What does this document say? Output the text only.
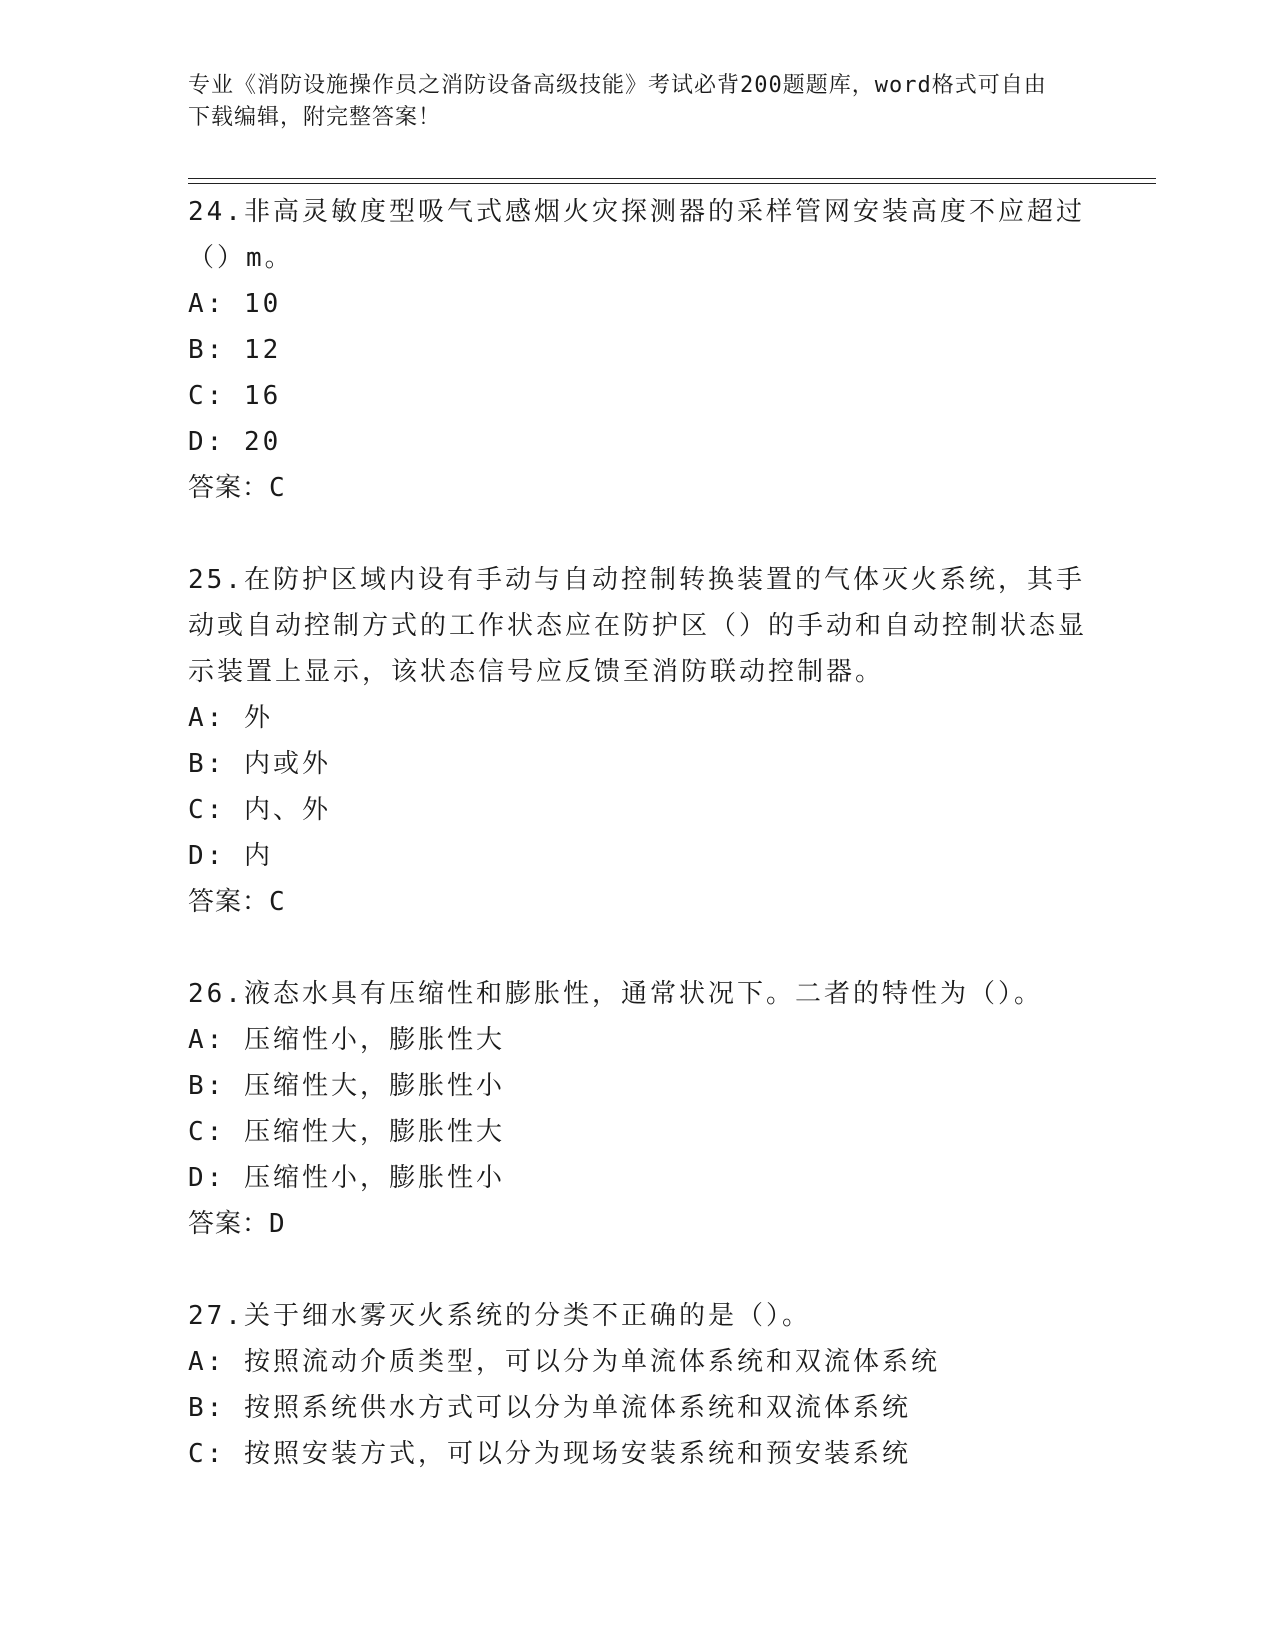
专业《消防设施操作员之消防设备高级技能》考试必背200题题库，word格式可自由下载编辑，附完整答案！
24.非高灵敏度型吸气式感烟火灾探测器的采样管网安装高度不应超过（）m。
A: 10
B: 12
C: 16
D: 20
答案：C
25.在防护区域内设有手动与自动控制转换装置的气体灭火系统，其手动或自动控制方式的工作状态应在防护区（）的手动和自动控制状态显示装置上显示，该状态信号应反馈至消防联动控制器。
A: 外
B: 内或外
C: 内、外
D: 内
答案：C
26.液态水具有压缩性和膨胀性，通常状况下。二者的特性为（）。
A: 压缩性小，膨胀性大
B: 压缩性大，膨胀性小
C: 压缩性大，膨胀性大
D: 压缩性小，膨胀性小
答案：D
27.关于细水雾灭火系统的分类不正确的是（）。
A: 按照流动介质类型，可以分为单流体系统和双流体系统
B: 按照系统供水方式可以分为单流体系统和双流体系统
C: 按照安装方式，可以分为现场安装系统和预安装系统
